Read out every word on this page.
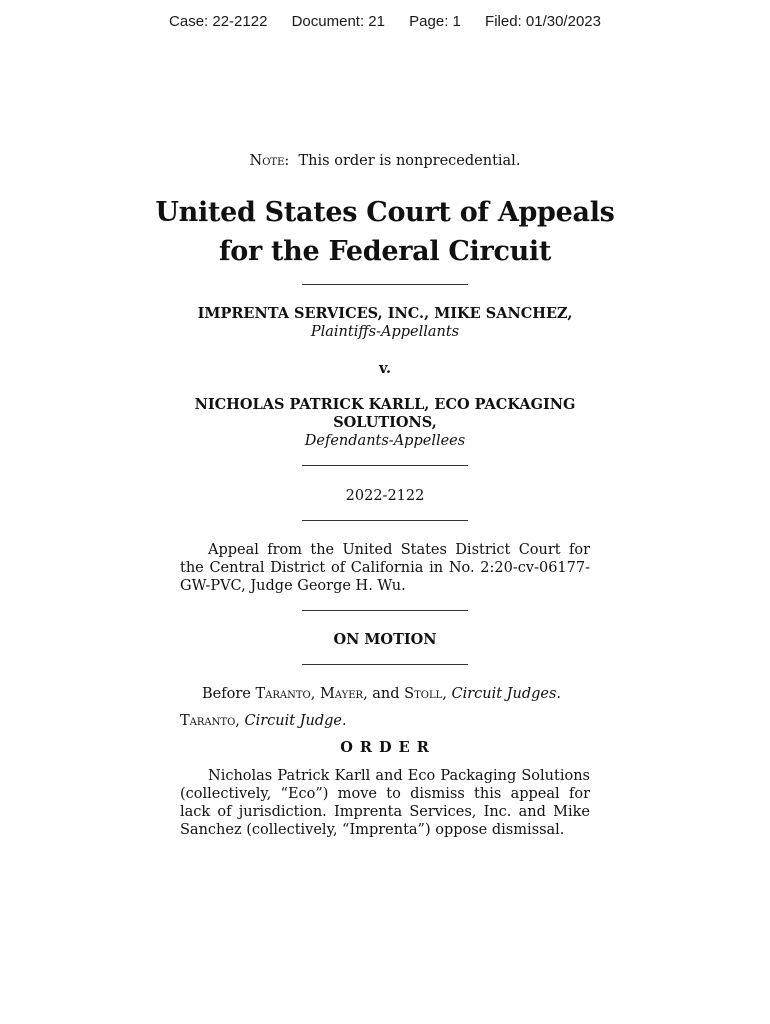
Case: 22-2122 Document: 21 Page: 1 Filed: 01/30/2023
Note: This order is nonprecedential.
United States Court of Appeals
for the Federal Circuit
IMPRENTA SERVICES, INC., MIKE SANCHEZ,
Plaintiffs-Appellants
v.
NICHOLAS PATRICK KARLL, ECO PACKAGING
SOLUTIONS,
Defendants-Appellees
2022-2122
Appeal from the United States District Court for the Central District of California in No. 2:20-cv-06177-GW-PVC, Judge George H. Wu.
ON MOTION
Before Taranto, Mayer, and Stoll, Circuit Judges.
Taranto, Circuit Judge.
O R D E R
Nicholas Patrick Karll and Eco Packaging Solutions (collectively, “Eco”) move to dismiss this appeal for lack of jurisdiction. Imprenta Services, Inc. and Mike Sanchez (collectively, “Imprenta”) oppose dismissal.
